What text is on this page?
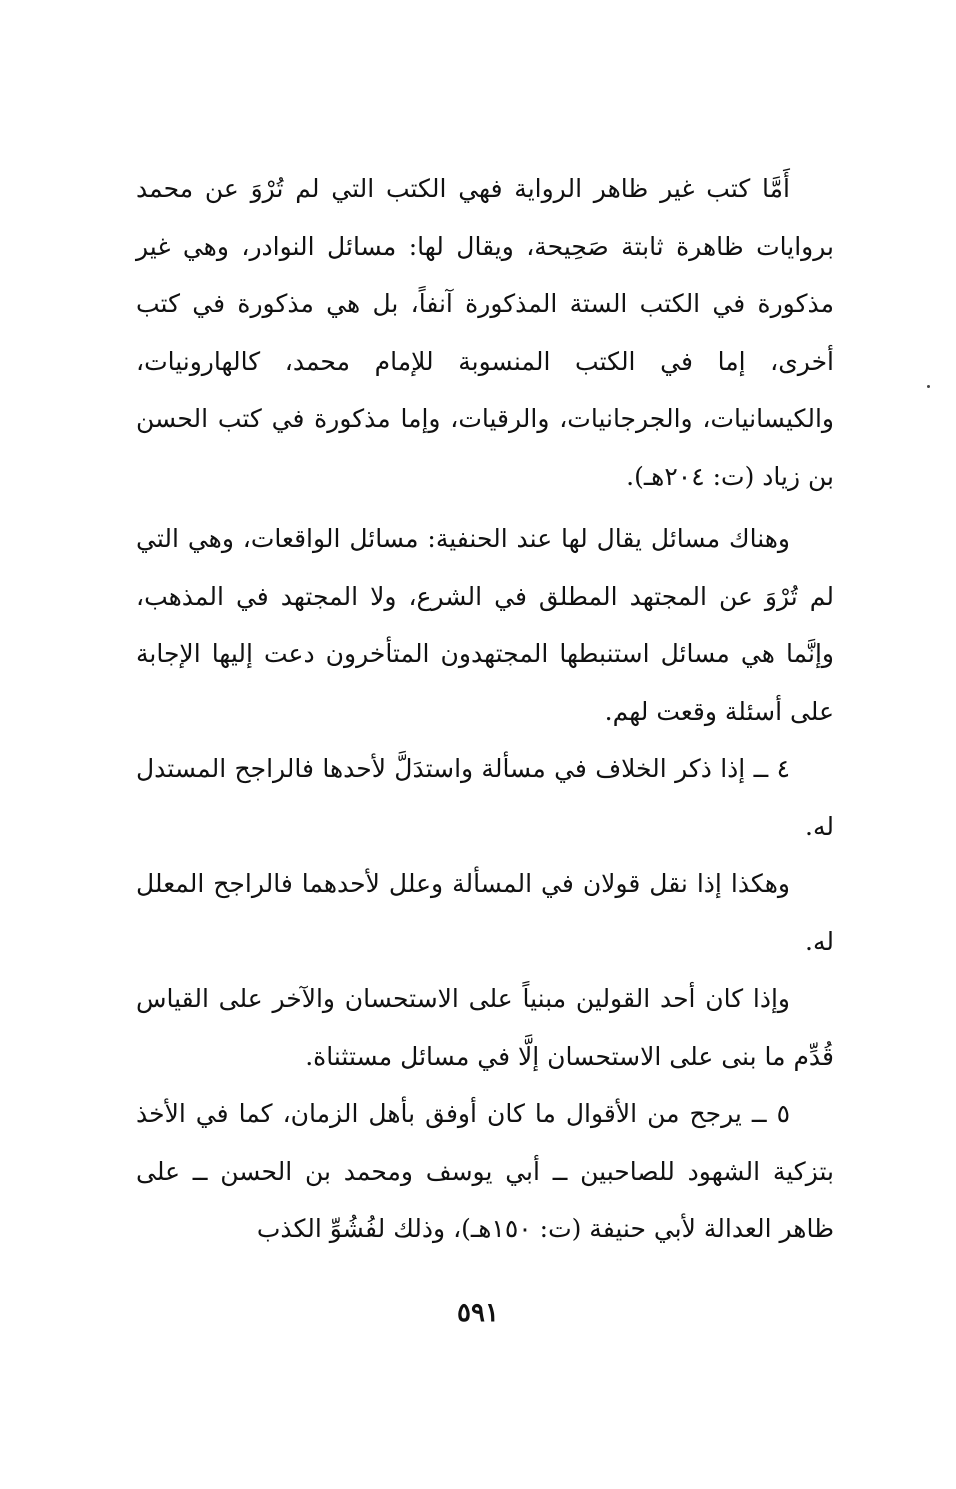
أَمَّا كتب غير ظاهر الرواية فهي الكتب التي لم تُرْوَ عن محمد بروايات ظاهرة ثابتة صَحِيحة، ويقال لها: مسائل النوادر، وهي غير مذكورة في الكتب الستة المذكورة آنفاً، بل هي مذكورة في كتب أخرى، إما في الكتب المنسوبة للإمام محمد، كالهارونيات، والكيسانيات، والجرجانيات، والرقيات، وإما مذكورة في كتب الحسن بن زياد (ت: ٢٠٤هـ).

وهناك مسائل يقال لها عند الحنفية: مسائل الواقعات، وهي التي لم تُرْوَ عن المجتهد المطلق في الشرع، ولا المجتهد في المذهب، وإنَّما هي مسائل استنبطها المجتهدون المتأخرون دعت إليها الإجابة على أسئلة وقعت لهم.

٤ ــ إذا ذكر الخلاف في مسألة واستدَلَّ لأحدها فالراجح المستدل له.

وهكذا إذا نقل قولان في المسألة وعلل لأحدهما فالراجح المعلل له.

وإذا كان أحد القولين مبنياً على الاستحسان والآخر على القياس قُدِّم ما بنى على الاستحسان إلَّا في مسائل مستثناة.

٥ ــ يرجح من الأقوال ما كان أوفق بأهل الزمان، كما في الأخذ بتزكية الشهود للصاحبين ــ أبي يوسف ومحمد بن الحسن ــ على ظاهر العدالة لأبي حنيفة (ت: ١٥٠هـ)، وذلك لفُشُوِّ الكذب

٥٩١
